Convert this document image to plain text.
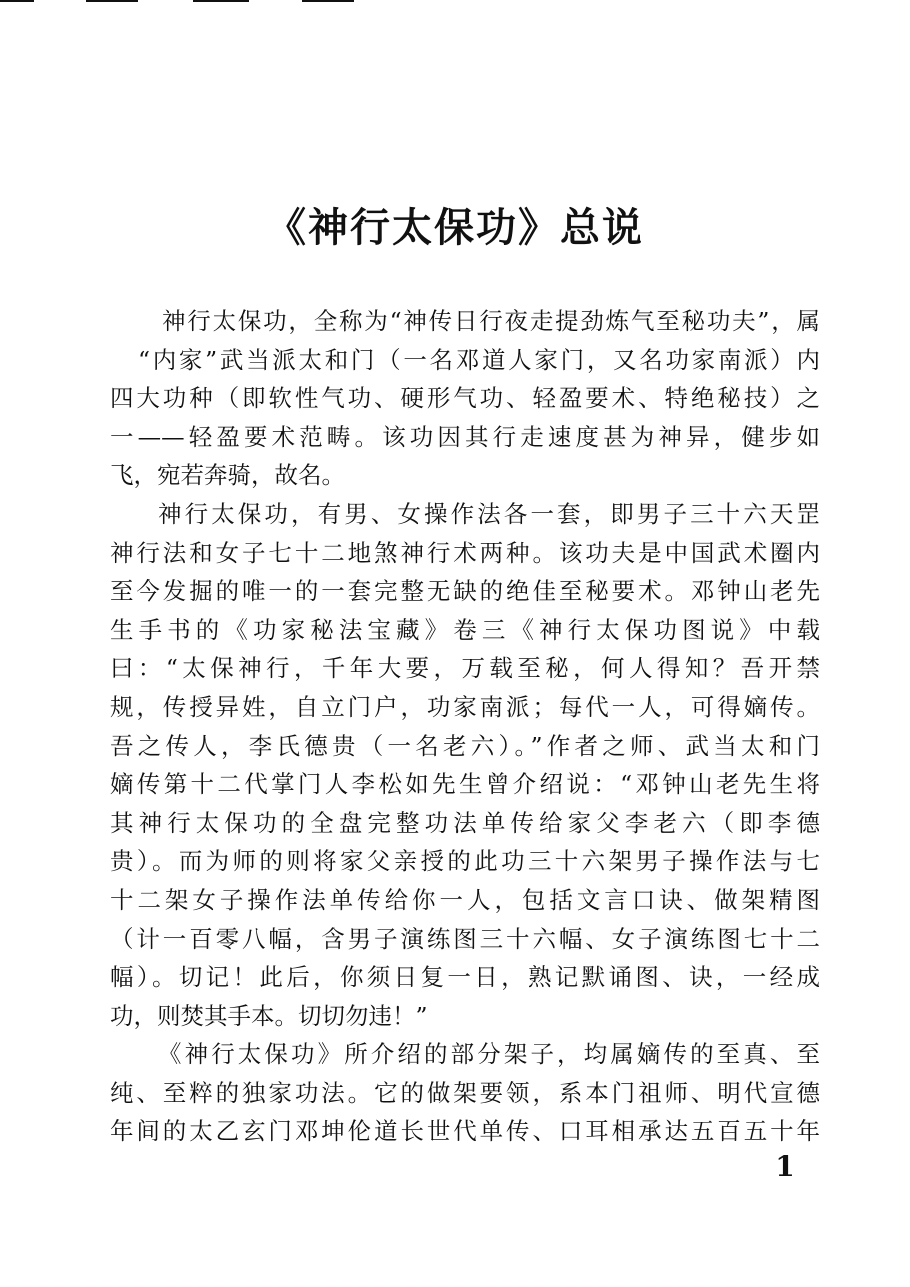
《神行太保功》总说
神行太保功，全称为“神传日行夜走提劲炼气至秘功夫”，属
“内家”武当派太和门（一名邓道人家门，又名功家南派）内
四大功种（即软性气功、硬形气功、轻盈要术、特绝秘技）之
一——轻盈要术范畴。该功因其行走速度甚为神异，健步如
飞，宛若奔骑，故名。
神行太保功，有男、女操作法各一套，即男子三十六天罡
神行法和女子七十二地煞神行术两种。该功夫是中国武术圈内
至今发掘的唯一的一套完整无缺的绝佳至秘要术。邓钟山老先
生手书的《功家秘法宝藏》卷三《神行太保功图说》中载
曰：“太保神行，千年大要，万载至秘，何人得知？吾开禁
规，传授异姓，自立门户，功家南派；每代一人，可得嫡传。
吾之传人，李氏德贵（一名老六）。”作者之师、武当太和门
嫡传第十二代掌门人李松如先生曾介绍说：“邓钟山老先生将
其神行太保功的全盘完整功法单传给家父李老六（即李德
贵）。而为师的则将家父亲授的此功三十六架男子操作法与七
十二架女子操作法单传给你一人，包括文言口诀、做架精图
（计一百零八幅，含男子演练图三十六幅、女子演练图七十二
幅）。切记！此后，你须日复一日，熟记默诵图、诀，一经成
功，则焚其手本。切切勿违！”
《神行太保功》所介绍的部分架子，均属嫡传的至真、至
纯、至粹的独家功法。它的做架要领，系本门祖师、明代宣德
年间的太乙玄门邓坤伦道长世代单传、口耳相承达五百五十年
1
